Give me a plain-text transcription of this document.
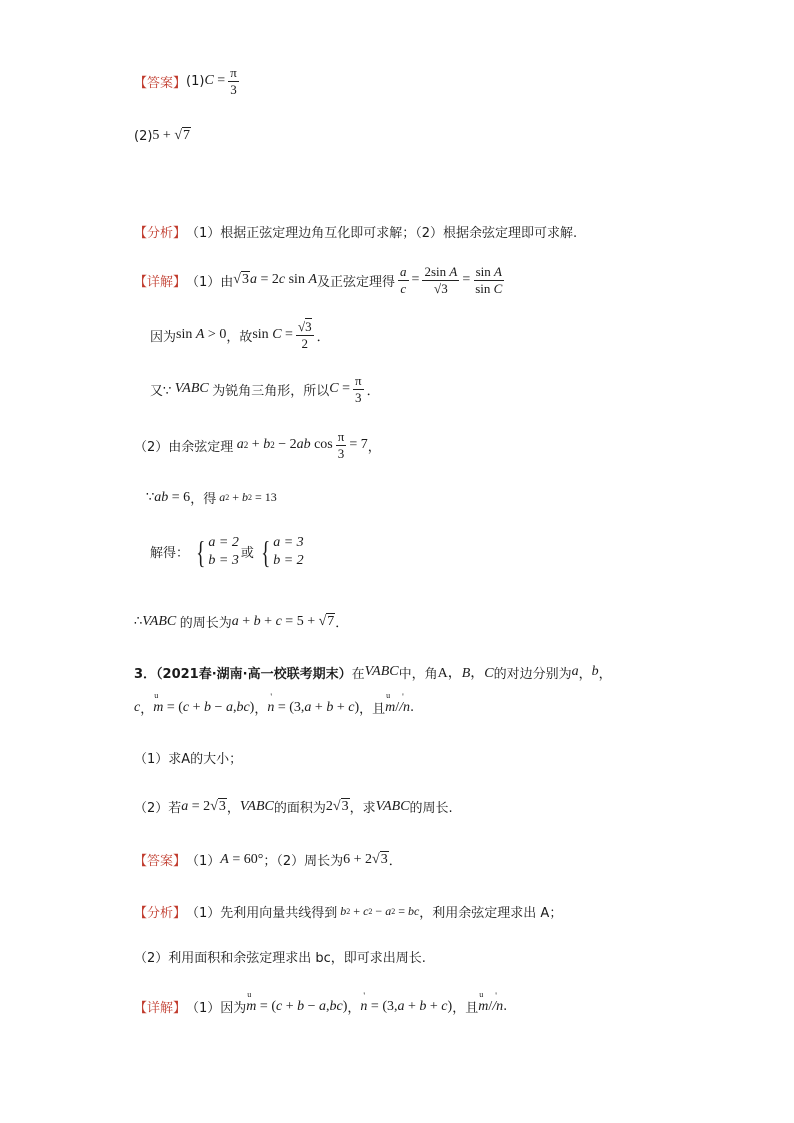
【答案】 (1) $C = \frac{\pi}{3}$
(2) 5 + √7
【分析】 （1）根据正弦定理边角互化即可求解；（2）根据余弦定理即可求解.
【详解】 （1）由 √3 a = 2 c sin A 及正弦定理得 $\frac{a}{c} = \frac{\text{2sin A}}{√3} = \frac{\text{sin A}}{\text{sin C}}$
因为 sin A > 0 ，故 $\sin C = \frac{√3}{2}$ ．
又∵ VABC 为锐角三角形，所以 $C = \frac{\pi}{3}$ ．
（2）由余弦定理 a 2 + b 2 − 2 ab $\cos \frac{\pi}{3} = 7$ ，
∵ ab = 6 ，得 a 2 + b 2 = 13
解得： { a = 2
b = 3 或 { a = 3
b = 2
∴ VABC 的周长为 a + b + c = 5 + √7 ．
3．（2021春·湖南·高一校联考期末） 在 VABC 中，角 A，B，C 的对边分别为 a ， b ，
c ， u m = (c + b − a,bc) ， ' n = (3,a + b + c) ，且 u m / ' /n .
（1）求A的大小；
（2）若 a = 2 √3 ， VABC 的面积为 2 √3 ，求 VABC 的周长.
【答案】 （1） A = 60° ；（2）周长为 6 + 2 √3 ．
【分析】 （1）先利用向量共线得到 b 2 + c 2 − a 2 = bc ，利用余弦定理求出 A；
（2）利用面积和余弦定理求出 bc，即可求出周长.
【详解】 （1）因为 u m = (c + b − a,bc) ， ' n = (3,a + b + c) ，且 u m / ' /n .
